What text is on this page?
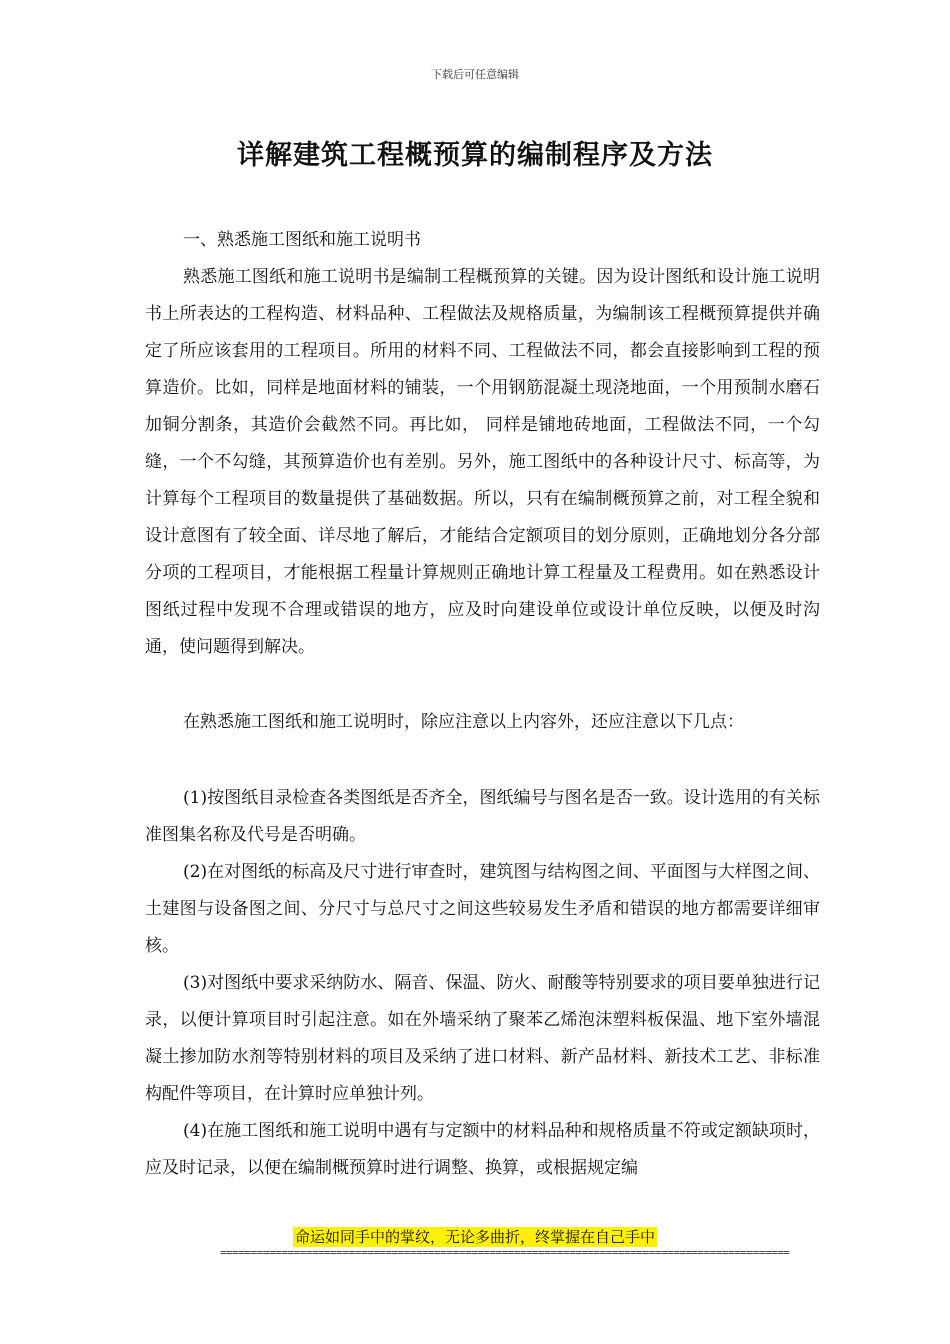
下载后可任意编辑
详解建筑工程概预算的编制程序及方法
一、熟悉施工图纸和施工说明书

熟悉施工图纸和施工说明书是编制工程概预算的关键。因为设计图纸和设计施工说明书上所表达的工程构造、材料品种、工程做法及规格质量，为编制该工程概预算提供并确定了所应该套用的工程项目。所用的材料不同、工程做法不同，都会直接影响到工程的预算造价。比如，同样是地面材料的铺装，一个用钢筋混凝土现浇地面，一个用预制水磨石加铜分割条，其造价会截然不同。再比如， 同样是铺地砖地面，工程做法不同，一个勾缝，一个不勾缝，其预算造价也有差别。另外，施工图纸中的各种设计尺寸、标高等，为计算每个工程项目的数量提供了基础数据。所以，只有在编制概预算之前，对工程全貌和设计意图有了较全面、详尽地了解后，才能结合定额项目的划分原则，正确地划分各分部分项的工程项目，才能根据工程量计算规则正确地计算工程量及工程费用。如在熟悉设计图纸过程中发现不合理或错误的地方，应及时向建设单位或设计单位反映，以便及时沟通，使问题得到解决。

在熟悉施工图纸和施工说明时，除应注意以上内容外，还应注意以下几点：

(1)按图纸目录检查各类图纸是否齐全，图纸编号与图名是否一致。设计选用的有关标准图集名称及代号是否明确。

(2)在对图纸的标高及尺寸进行审查时，建筑图与结构图之间、平面图与大样图之间、土建图与设备图之间、分尺寸与总尺寸之间这些较易发生矛盾和错误的地方都需要详细审核。

(3)对图纸中要求采纳防水、隔音、保温、防火、耐酸等特别要求的项目要单独进行记录，以便计算项目时引起注意。如在外墙采纳了聚苯乙烯泡沫塑料板保温、地下室外墙混凝土掺加防水剂等特别材料的项目及采纳了进口材料、新产品材料、新技术工艺、非标准构配件等项目，在计算时应单独计列。

(4)在施工图纸和施工说明中遇有与定额中的材料品种和规格质量不符或定额缺项时，应及时记录，以便在编制概预算时进行调整、换算，或根据规定编

命运如同手中的掌纹，无论多曲折，终掌握在自己手中
=============================================================================================
